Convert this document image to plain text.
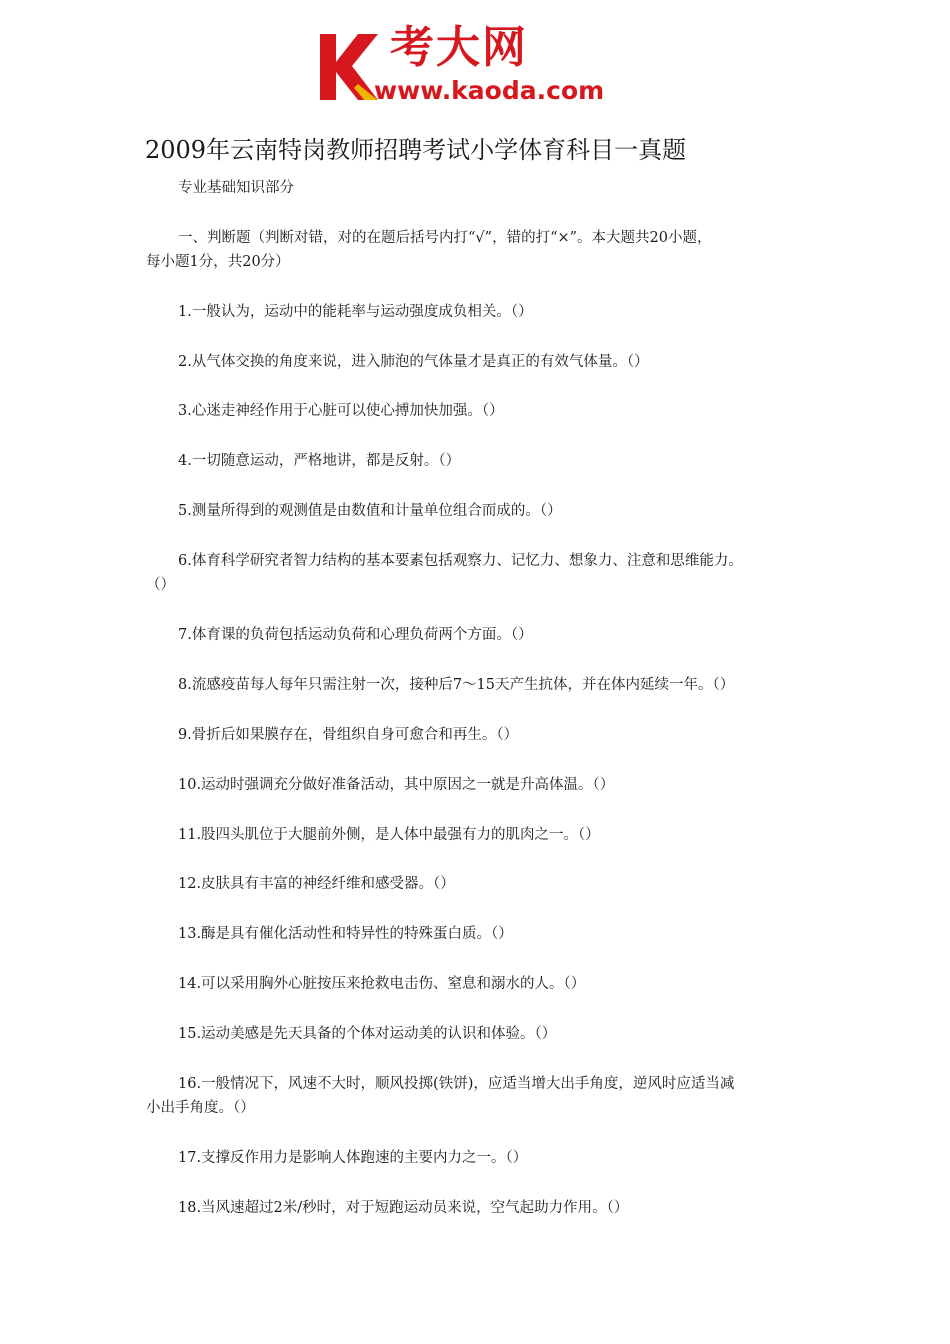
考大网
www.kaoda.com
2009年云南特岗教师招聘考试小学体育科目一真题
专业基础知识部分
一、判断题（判断对错，对的在题后括号内打“√”，错的打“×”。本大题共20小题，
每小题1分，共20分）
1.一般认为，运动中的能耗率与运动强度成负相关。（）
2.从气体交换的角度来说，进入肺泡的气体量才是真正的有效气体量。（）
3.心迷走神经作用于心脏可以使心搏加快加强。（）
4.一切随意运动，严格地讲，都是反射。（）
5.测量所得到的观测值是由数值和计量单位组合而成的。（）
6.体育科学研究者智力结构的基本要素包括观察力、记忆力、想象力、注意和思维能力。
（）
7.体育课的负荷包括运动负荷和心理负荷两个方面。（）
8.流感疫苗每人每年只需注射一次，接种后7～15天产生抗体，并在体内延续一年。（）
9.骨折后如果膜存在，骨组织自身可愈合和再生。（）
10.运动时强调充分做好准备活动，其中原因之一就是升高体温。（）
11.股四头肌位于大腿前外侧，是人体中最强有力的肌肉之一。（）
12.皮肤具有丰富的神经纤维和感受器。（）
13.酶是具有催化活动性和特异性的特殊蛋白质。（）
14.可以采用胸外心脏按压来抢救电击伤、窒息和溺水的人。（）
15.运动美感是先天具备的个体对运动美的认识和体验。（）
16.一般情况下，风速不大时，顺风投掷(铁饼)，应适当增大出手角度，逆风时应适当减
小出手角度。（）
17.支撑反作用力是影响人体跑速的主要内力之一。（）
18.当风速超过2米/秒时，对于短跑运动员来说，空气起助力作用。（）
